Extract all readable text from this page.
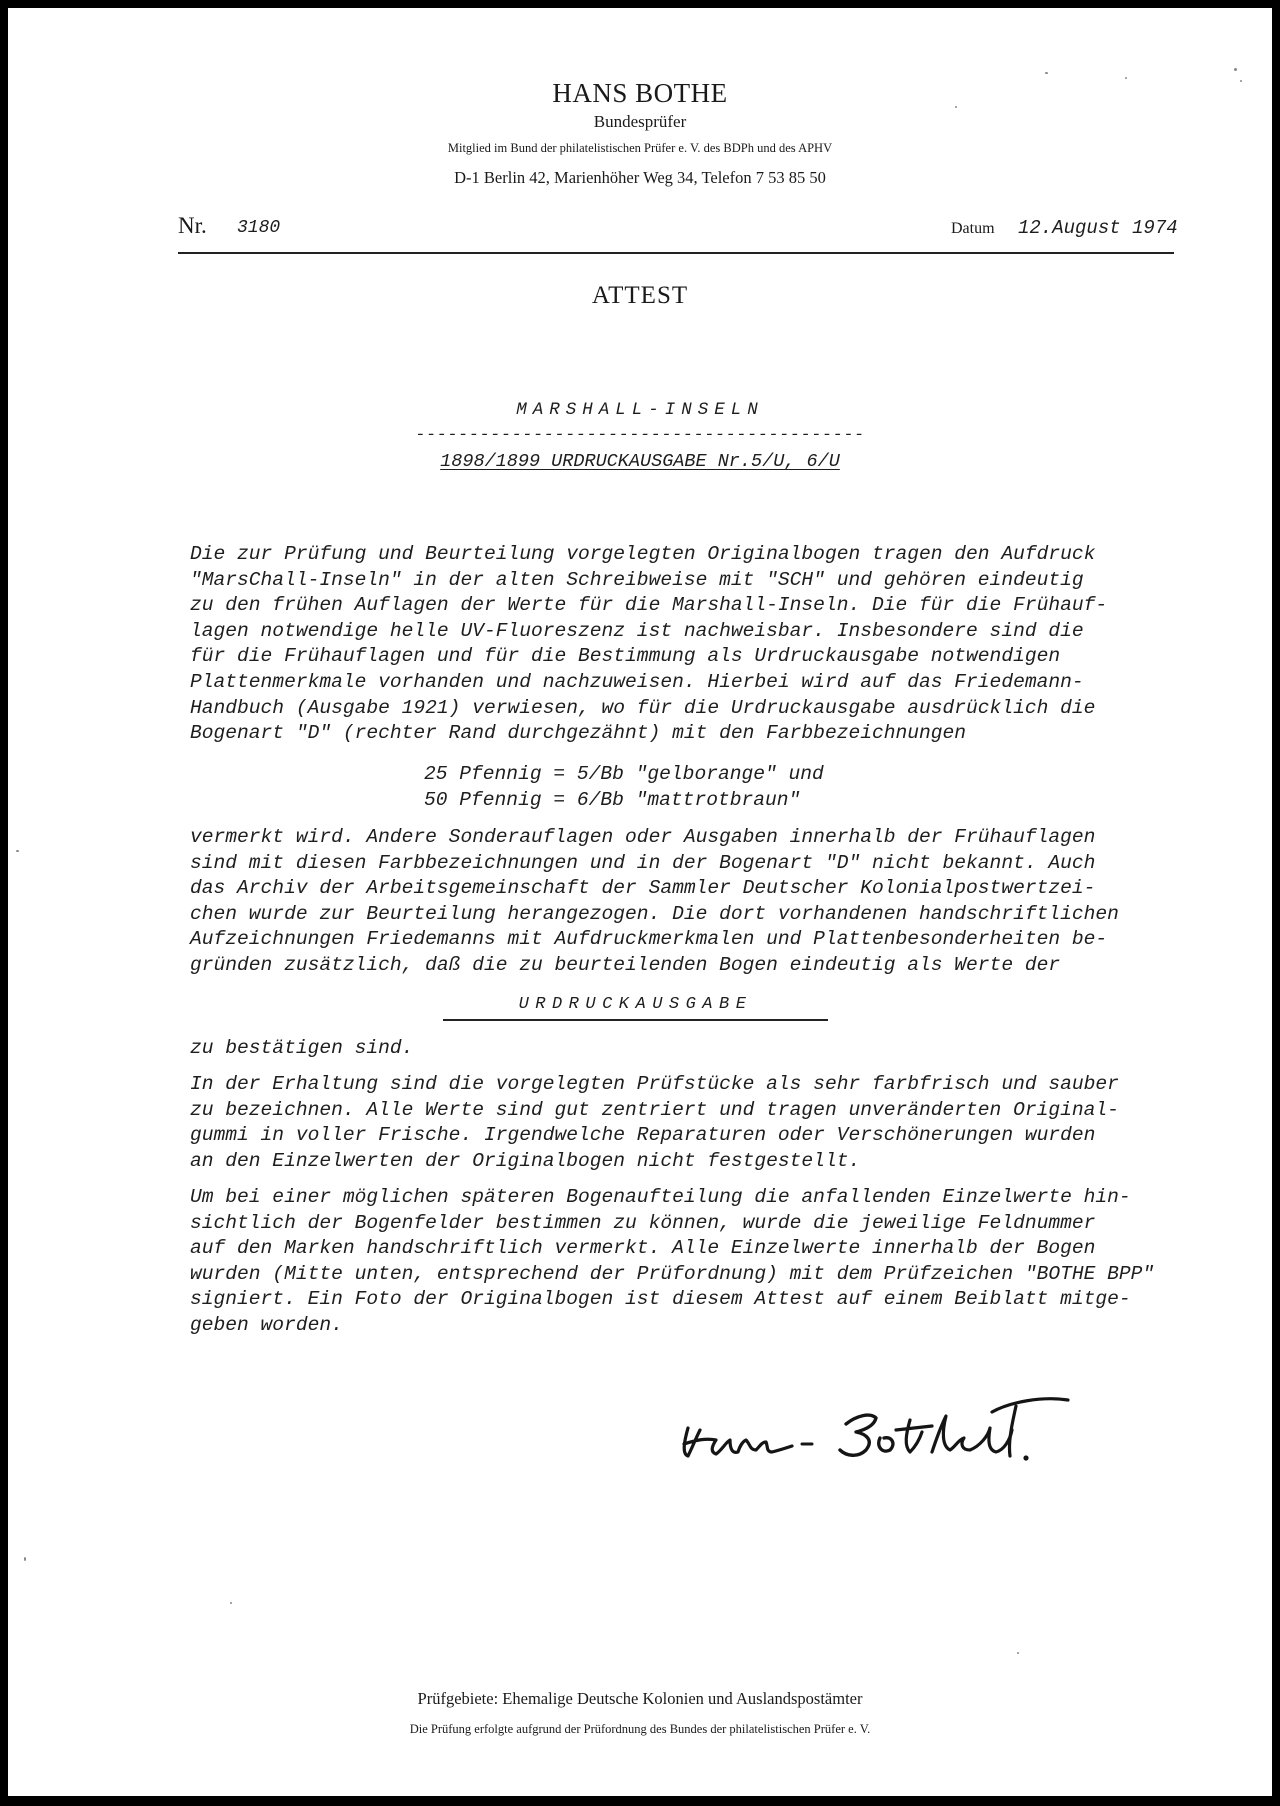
HANS BOTHE
Bundesprüfer
Mitglied im Bund der philatelistischen Prüfer e. V. des BDPh und des APHV
D-1 Berlin 42, Marienhöher Weg 34, Telefon 7 53 85 50
Nr. 3180	Datum 12.August 1974
ATTEST
MARSHALL-INSELN
------------------------------------------
1898/1899 URDRUCKAUSGABE Nr.5/U, 6/U
Die zur Prüfung und Beurteilung vorgelegten Originalbogen tragen den Aufdruck
"MarsChall-Inseln" in der alten Schreibweise mit "SCH" und gehören eindeutig
zu den frühen Auflagen der Werte für die Marshall-Inseln. Die für die Frühauf-
lagen notwendige helle UV-Fluoreszenz ist nachweisbar. Insbesondere sind die
für die Frühauflagen und für die Bestimmung als Urdruckausgabe notwendigen
Plattenmerkmale vorhanden und nachzuweisen. Hierbei wird auf das Friedemann-
Handbuch (Ausgabe 1921) verwiesen, wo für die Urdruckausgabe ausdrücklich die
Bogenart "D" (rechter Rand durchgezähnt) mit den Farbbezeichnungen
25 Pfennig = 5/Bb "gelborange" und
50 Pfennig = 6/Bb "mattrotbraun"
vermerkt wird. Andere Sonderauflagen oder Ausgaben innerhalb der Frühauflagen
sind mit diesen Farbbezeichnungen und in der Bogenart "D" nicht bekannt. Auch
das Archiv der Arbeitsgemeinschaft der Sammler Deutscher Kolonialpostwertzei-
chen wurde zur Beurteilung herangezogen. Die dort vorhandenen handschriftlichen
Aufzeichnungen Friedemanns mit Aufdruckmerkmalen und Plattenbesonderheiten be-
gründen zusätzlich, daß die zu beurteilenden Bogen eindeutig als Werte der
URDRUCKAUSGABE
zu bestätigen sind.
In der Erhaltung sind die vorgelegten Prüfstücke als sehr farbfrisch und sauber
zu bezeichnen. Alle Werte sind gut zentriert und tragen unveränderten Original-
gummi in voller Frische. Irgendwelche Reparaturen oder Verschönerungen wurden
an den Einzelwerten der Originalbogen nicht festgestellt.
Um bei einer möglichen späteren Bogenaufteilung die anfallenden Einzelwerte hin-
sichtlich der Bogenfelder bestimmen zu können, wurde die jeweilige Feldnummer
auf den Marken handschriftlich vermerkt. Alle Einzelwerte innerhalb der Bogen
wurden (Mitte unten, entsprechend der Prüfordnung) mit dem Prüfzeichen "BOTHE BPP"
signiert. Ein Foto der Originalbogen ist diesem Attest auf einem Beiblatt mitge-
geben worden.
Prüfgebiete: Ehemalige Deutsche Kolonien und Auslandspostämter
Die Prüfung erfolgte aufgrund der Prüfordnung des Bundes der philatelistischen Prüfer e. V.
